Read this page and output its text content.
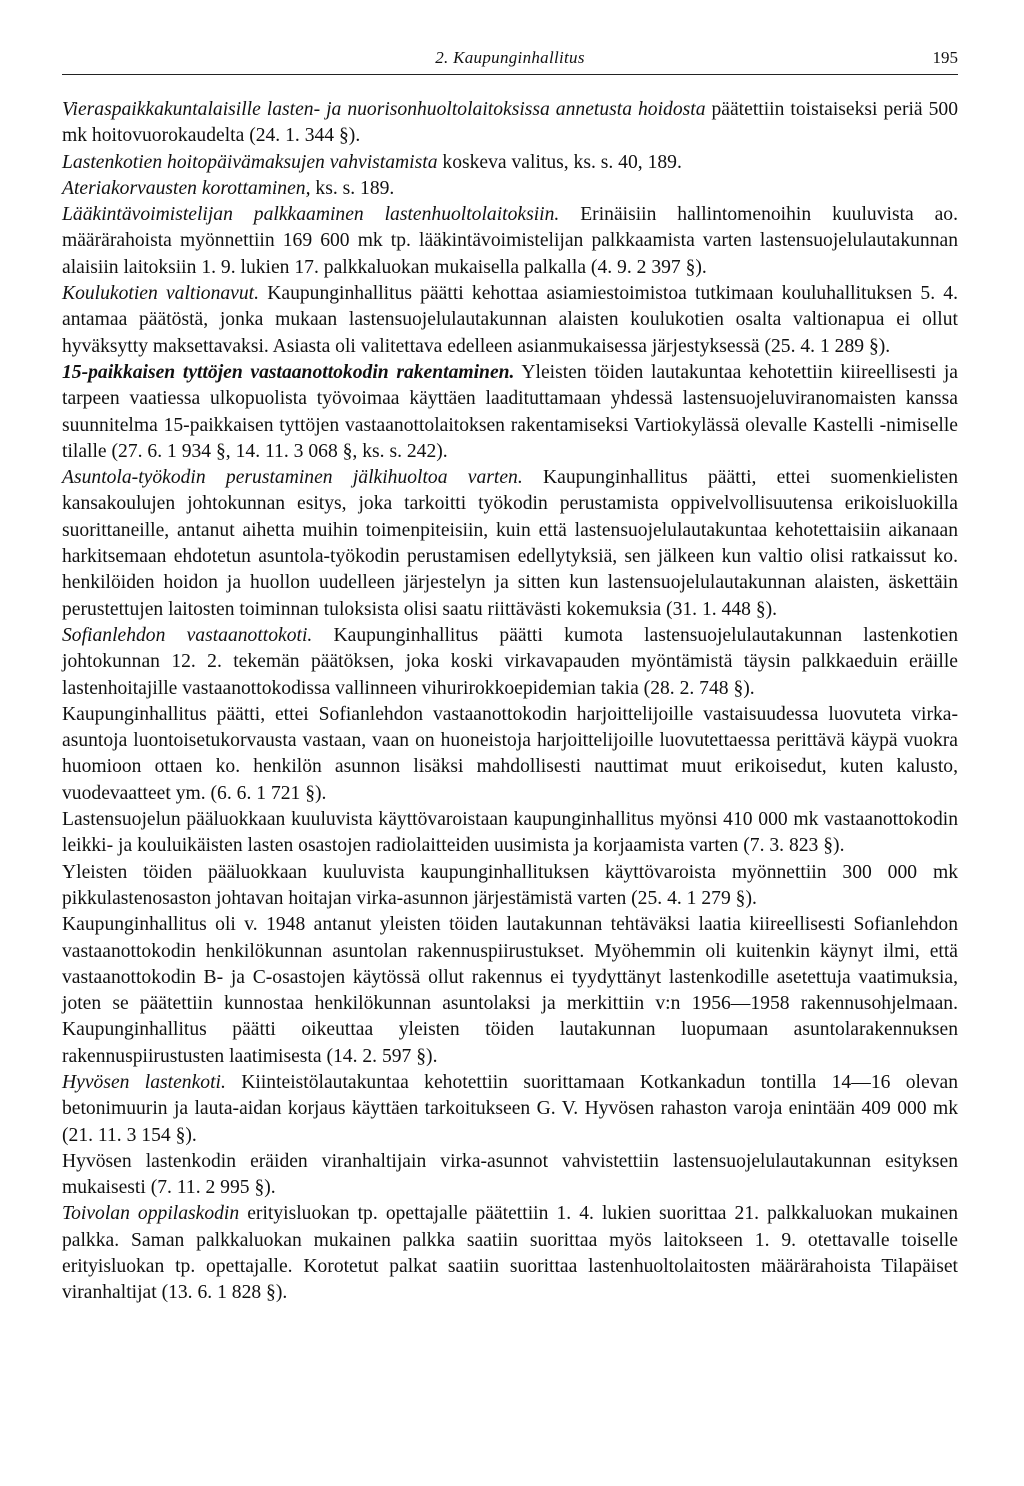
2. Kaupunginhallitus	195

Vieraspaikkakuntalaisille lasten- ja nuorisonhuoltolaitoksissa annetusta hoidosta päätettiin toistaiseksi periä 500 mk hoitovuorokaudelta (24. 1. 344 §).

Lastenkotien hoitopäivämaksujen vahvistamista koskeva valitus, ks. s. 40, 189.

Ateriakorvausten korottaminen, ks. s. 189.

Lääkintävoimistelijan palkkaaminen lastenhuoltolaitoksiin. Erinäisiin hallintomenoihin kuuluvista ao. määrärahoista myönnettiin 169 600 mk tp. lääkintävoimistelijan palkkaamista varten lastensuojelulautakunnan alaisiin laitoksiin 1. 9. lukien 17. palkkaluokan mukaisella palkalla (4. 9. 2 397 §).

Koulukotien valtionavut. Kaupunginhallitus päätti kehottaa asiamiestoimistoa tutkimaan kouluhallituksen 5. 4. antamaa päätöstä, jonka mukaan lastensuojelulautakunnan alaisten koulukotien osalta valtionapua ei ollut hyväksytty maksettavaksi. Asiasta oli valitettava edelleen asianmukaisessa järjestyksessä (25. 4. 1 289 §).

15-paikkaisen tyttöjen vastaanottokodin rakentaminen. Yleisten töiden lautakuntaa kehotettiin kiireellisesti ja tarpeen vaatiessa ulkopuolista työvoimaa käyttäen laadituttamaan yhdessä lastensuojeluviranomaisten kanssa suunnitelma 15-paikkaisen tyttöjen vastaanottolaitoksen rakentamiseksi Vartiokylässä olevalle Kastelli -nimiselle tilalle (27. 6. 1 934 §, 14. 11. 3 068 §, ks. s. 242).

Asuntola-työkodin perustaminen jälkihuoltoa varten. Kaupunginhallitus päätti, ettei suomenkielisten kansakoulujen johtokunnan esitys, joka tarkoitti työkodin perustamista oppivelvollisuutensa erikoisluokilla suorittaneille, antanut aihetta muihin toimenpiteisiin, kuin että lastensuojelulautakuntaa kehotettaisiin aikanaan harkitsemaan ehdotetun asuntola-työkodin perustamisen edellytyksiä, sen jälkeen kun valtio olisi ratkaissut ko. henkilöiden hoidon ja huollon uudelleen järjestelyn ja sitten kun lastensuojelulautakunnan alaisten, äskettäin perustettujen laitosten toiminnan tuloksista olisi saatu riittävästi kokemuksia (31. 1. 448 §).

Sofianlehdon vastaanottokoti. Kaupunginhallitus päätti kumota lastensuojelulautakunnan lastenkotien johtokunnan 12. 2. tekemän päätöksen, joka koski virkavapauden myöntämistä täysin palkkaeduin eräille lastenhoitajille vastaanottokodissa vallinneen vihurirokkoepidemian takia (28. 2. 748 §).

Kaupunginhallitus päätti, ettei Sofianlehdon vastaanottokodin harjoittelijoille vastaisuudessa luovuteta virka-asuntoja luontoisetukorvausta vastaan, vaan on huoneistoja harjoittelijoille luovutettaessa perittävä käypä vuokra huomioon ottaen ko. henkilön asunnon lisäksi mahdollisesti nauttimat muut erikoisedut, kuten kalusto, vuodevaatteet ym. (6. 6. 1 721 §).

Lastensuojelun pääluokkaan kuuluvista käyttövaroistaan kaupunginhallitus myönsi 410 000 mk vastaanottokodin leikki- ja kouluikäisten lasten osastojen radiolaitteiden uusimista ja korjaamista varten (7. 3. 823 §).

Yleisten töiden pääluokkaan kuuluvista kaupunginhallituksen käyttövaroista myönnettiin 300 000 mk pikkulastenosaston johtavan hoitajan virka-asunnon järjestämistä varten (25. 4. 1 279 §).

Kaupunginhallitus oli v. 1948 antanut yleisten töiden lautakunnan tehtäväksi laatia kiireellisesti Sofianlehdon vastaanottokodin henkilökunnan asuntolan rakennuspiirustukset. Myöhemmin oli kuitenkin käynyt ilmi, että vastaanottokodin B- ja C-osastojen käytössä ollut rakennus ei tyydyttänyt lastenkodille asetettuja vaatimuksia, joten se päätettiin kunnostaa henkilökunnan asuntolaksi ja merkittiin v:n 1956—1958 rakennusohjelmaan. Kaupunginhallitus päätti oikeuttaa yleisten töiden lautakunnan luopumaan asuntolarakennuksen rakennuspiirustusten laatimisesta (14. 2. 597 §).

Hyvösen lastenkoti. Kiinteistölautakuntaa kehotettiin suorittamaan Kotkankadun tontilla 14—16 olevan betonimuurin ja lauta-aidan korjaus käyttäen tarkoitukseen G. V. Hyvösen rahaston varoja enintään 409 000 mk (21. 11. 3 154 §).

Hyvösen lastenkodin eräiden viranhaltijain virka-asunnot vahvistettiin lastensuojelulautakunnan esityksen mukaisesti (7. 11. 2 995 §).

Toivolan oppilaskodin erityisluokan tp. opettajalle päätettiin 1. 4. lukien suorittaa 21. palkkaluokan mukainen palkka. Saman palkkaluokan mukainen palkka saatiin suorittaa myös laitokseen 1. 9. otettavalle toiselle erityisluokan tp. opettajalle. Korotetut palkat saatiin suorittaa lastenhuoltolaitosten määrärahoista Tilapäiset viranhaltijat (13. 6. 1 828 §).
